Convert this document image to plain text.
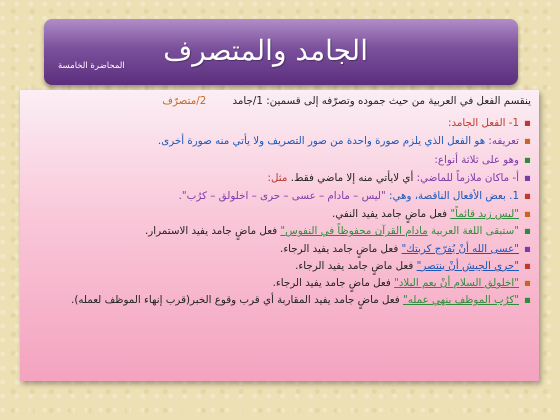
الجامد والمتصرف
المحاضرة الخامسة
ينقسم الفعل في العربية من حيث جموده وتصرّفه إلى قسمين: 1/جامد        2/متصرّف
▪
1- الفعل الجامد:
▪
تعريفه: هو الفعل الذي يلزم صورة واحدة من صور التصريف ولا يأتي منه صورة أخرى.
▪
وهو على ثلاثة أنواع:
▪
أ- ماكان ملازماً للماضي: أي لايأتي منه إلا ماضي فقط. مثل:
▪
1. بعض الأفعال الناقصة، وهي: "ليس – مادام – عسى – حرى – اخلولق – كرُب".
▪
"ليس زيد قائماً" فعل ماضٍ جامد يفيد النفي.
▪
"ستبقى اللغة العربية مادام القرآن محفوظاً في النفوس" فعل ماضٍ جامد يفيد الاستمرار.
▪
"عسى الله أنْ يُفرّج كربتك" فعل ماضٍ جامد يفيد الرجاء.
▪
"حري الجيش أنْ ينتصر" فعل ماضٍ جامد يفيد الرجاء.
▪
"اخلولق السلام أنْ يعم البلاد" فعل ماضٍ جامد يفيد الرجاء.
▪
"كرُب الموظف ينهي عمله" فعل ماضٍ جامد يفيد المقاربة أي قرب وقوع الخبر(قرب إنهاء الموظف لعمله).
